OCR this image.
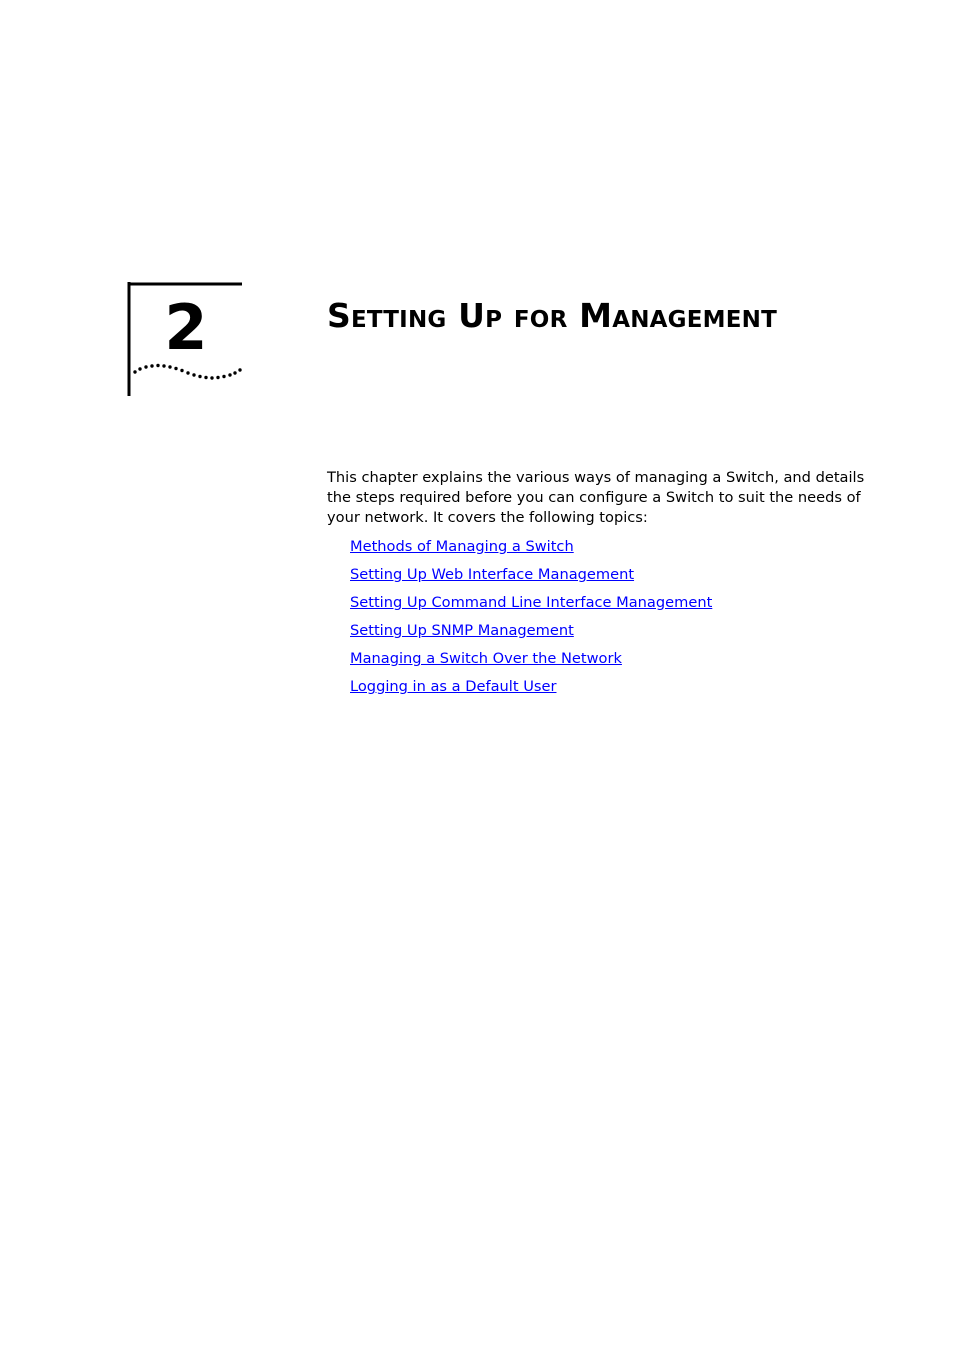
2	Setting Up for Management

This chapter explains the various ways of managing a Switch, and details the steps required before you can configure a Switch to suit the needs of your network. It covers the following topics:

Methods of Managing a Switch
Setting Up Web Interface Management
Setting Up Command Line Interface Management
Setting Up SNMP Management
Managing a Switch Over the Network
Logging in as a Default User
